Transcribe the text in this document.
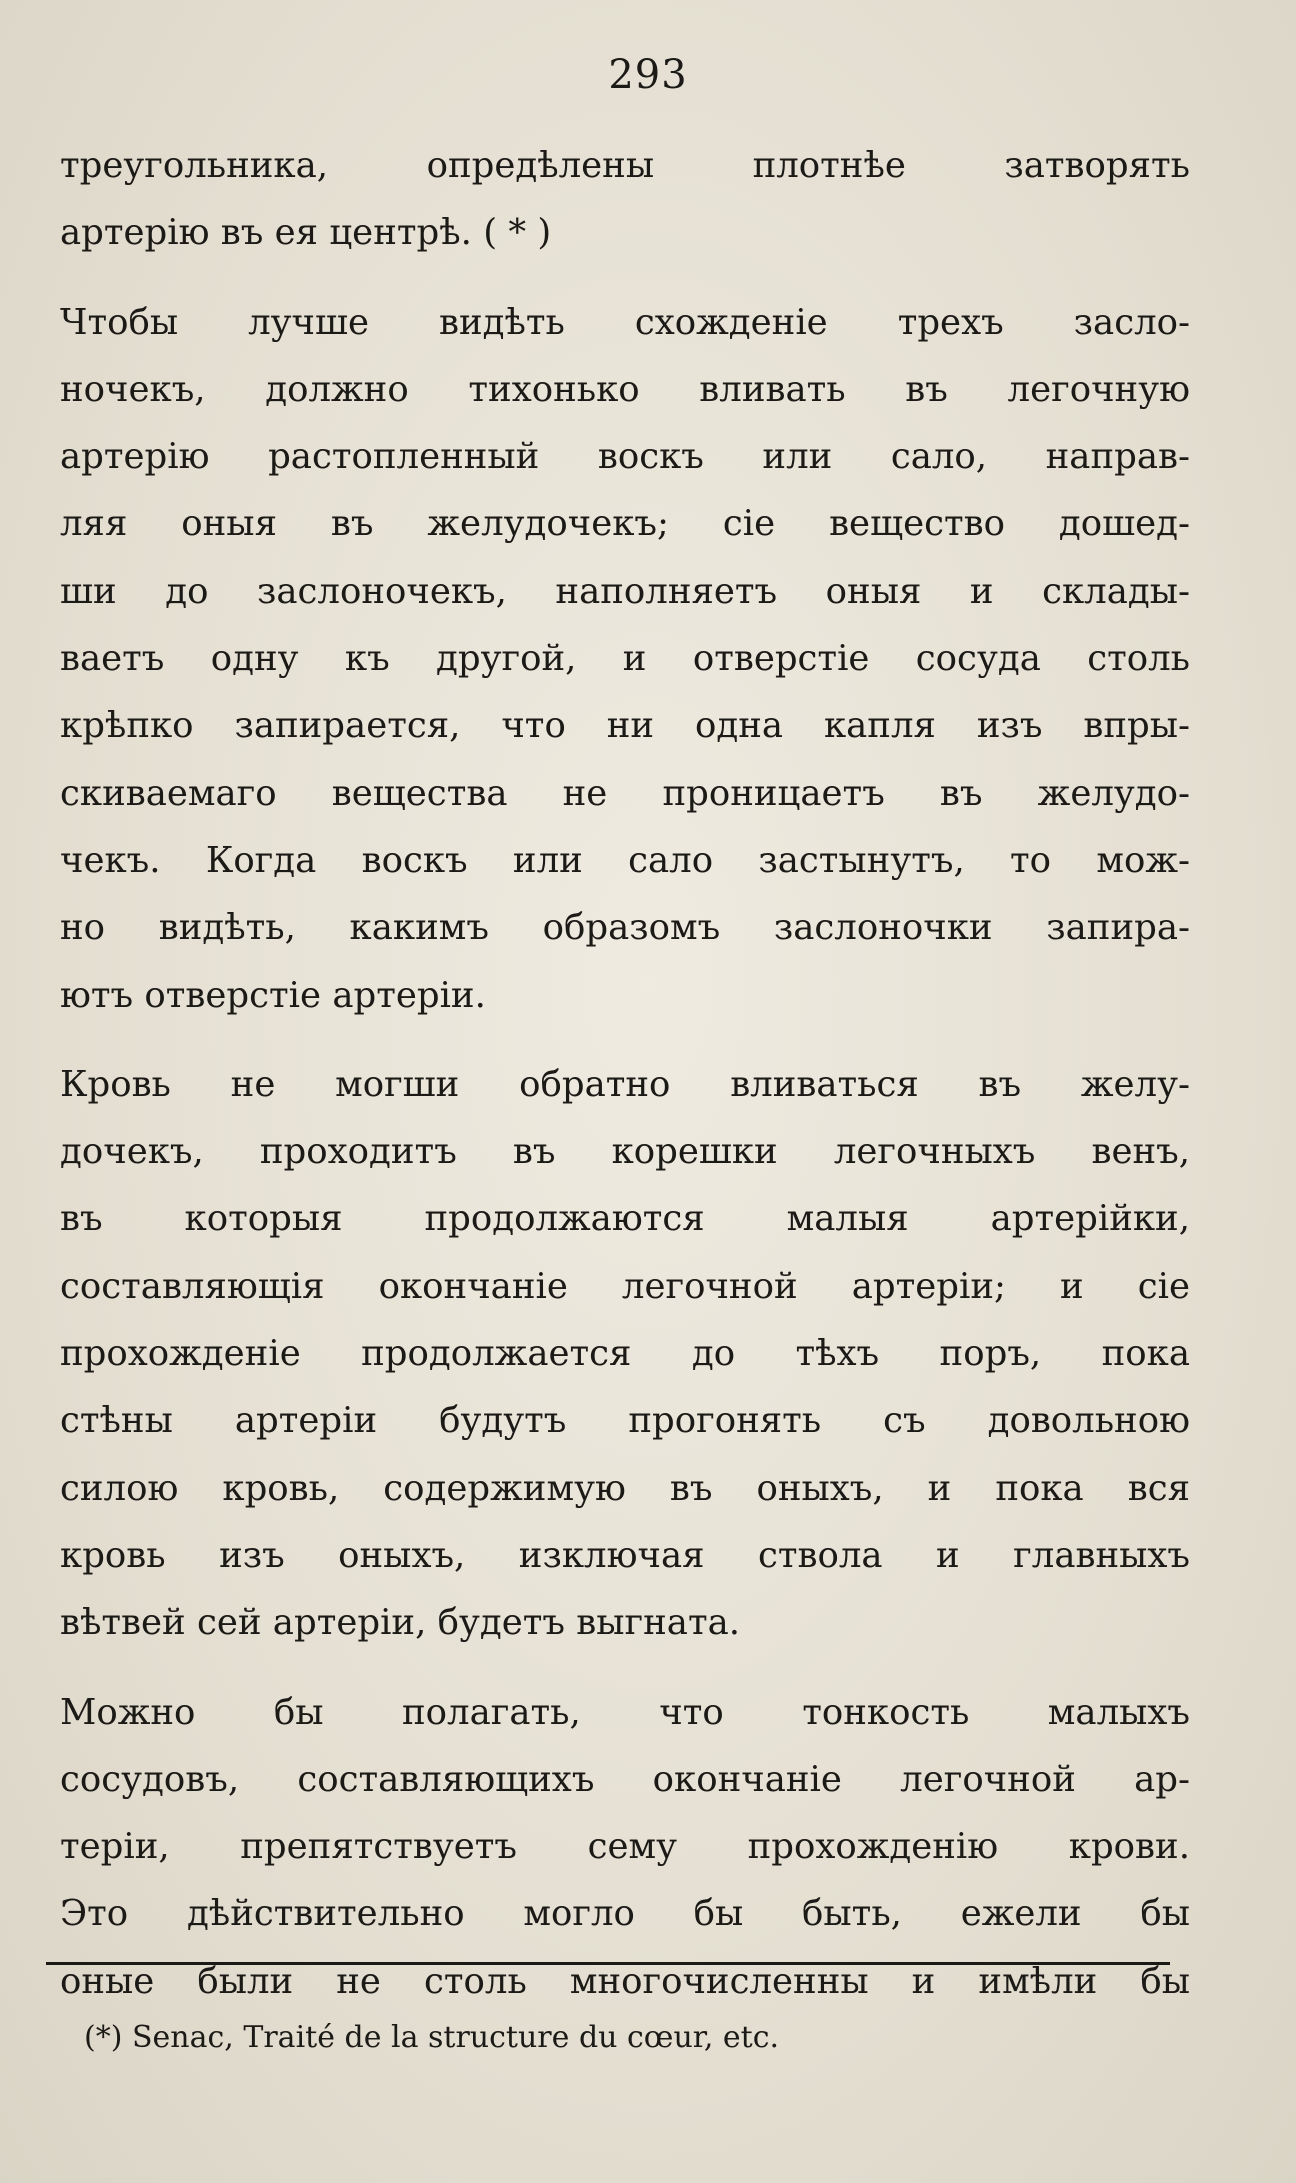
293
треугольника, опредѣлены плотнѣе затворять
артерію въ ея центрѣ. ( * )
Чтобы лучше видѣть схожденіе трехъ засло-
ночекъ, должно тихонько вливать въ легочную
артерію растопленный воскъ или сало, направ-
ляя оныя въ желудочекъ; сіе вещество дошед-
ши до заслоночекъ, наполняетъ оныя и склады-
ваетъ одну къ другой, и отверстіе сосуда столь
крѣпко запирается, что ни одна капля изъ впры-
скиваемаго вещества не проницаетъ въ желудо-
чекъ. Когда воскъ или сало застынутъ, то мож-
но видѣть, какимъ образомъ заслоночки запира-
ютъ отверстіе артеріи.
Кровь не могши обратно вливаться въ желу-
дочекъ, проходитъ въ корешки легочныхъ венъ,
въ которыя продолжаются малыя артерійки,
составляющія окончаніе легочной артеріи; и сіе
прохожденіе продолжается до тѣхъ поръ, пока
стѣны артеріи будутъ прогонять съ довольною
силою кровь, содержимую въ оныхъ, и пока вся
кровь изъ оныхъ, изключая ствола и главныхъ
вѣтвей сей артеріи, будетъ выгната.
Можно бы полагать, что тонкость малыхъ
сосудовъ, составляющихъ окончаніе легочной ар-
теріи, препятствуетъ сему прохожденію крови.
Это дѣйствительно могло бы быть, ежели бы
оные были не столь многочисленны и имѣли бы
(*) Senac, Traité de la structure du cœur, etc.
